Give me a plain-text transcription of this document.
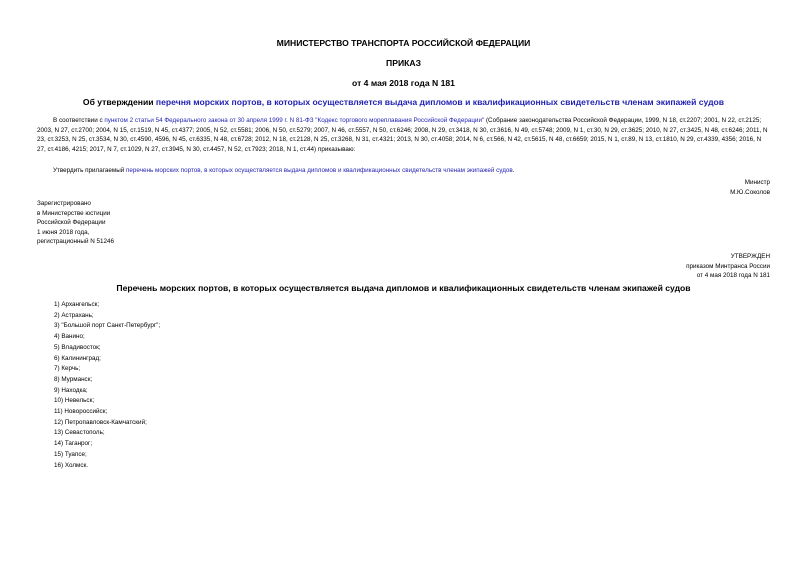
МИНИСТЕРСТВО ТРАНСПОРТА РОССИЙСКОЙ ФЕДЕРАЦИИ
ПРИКАЗ
от 4 мая 2018 года N 181
Об утверждении перечня морских портов, в которых осуществляется выдача дипломов и квалификационных свидетельств членам экипажей судов

В соответствии с пунктом 2 статьи 54 Федерального закона от 30 апреля 1999 г. N 81-ФЗ "Кодекс торгового мореплавания Российской Федерации" (Собрание законодательства Российской Федерации, 1999, N 18, ст.2207; 2001, N 22, ст.2125; 2003, N 27, ст.2700; 2004, N 15, ст.1519, N 45, ст.4377; 2005, N 52, ст.5581; 2006, N 50, ст.5279; 2007, N 46, ст.5557, N 50, ст.6246; 2008, N 29, ст.3418, N 30, ст.3616, N 49, ст.5748; 2009, N 1, ст.30, N 29, ст.3625; 2010, N 27, ст.3425, N 48, ст.6246; 2011, N 23, ст.3253, N 25, ст.3534, N 30, ст.4590, 4596, N 45, ст.6335, N 48, ст.6728; 2012, N 18, ст.2128, N 25, ст.3268, N 31, ст.4321; 2013, N 30, ст.4058; 2014, N 6, ст.566, N 42, ст.5615, N 48, ст.6659; 2015, N 1, ст.89, N 13, ст.1810, N 29, ст.4339, 4356; 2016, N 27, ст.4186, 4215; 2017, N 7, ст.1029, N 27, ст.3945, N 30, ст.4457, N 52, ст.7923; 2018, N 1, ст.44) приказываю:

Утвердить прилагаемый перечень морских портов, в которых осуществляется выдача дипломов и квалификационных свидетельств членам экипажей судов.
Министр
М.Ю.Соколов
Зарегистрировано
в Министерстве юстиции
Российской Федерации
1 июня 2018 года,
регистрационный N 51246
УТВЕРЖДЕН
приказом Минтранса России
от 4 мая 2018 года N 181
Перечень морских портов, в которых осуществляется выдача дипломов и квалификационных свидетельств членам экипажей судов
1) Архангельск;
2) Астрахань;
3) "Большой порт Санкт-Петербург";
4) Ванино;
5) Владивосток;
6) Калининград;
7) Керчь;
8) Мурманск;
9) Находка;
10) Невельск;
11) Новороссийск;
12) Петропавловск-Камчатский;
13) Севастополь;
14) Таганрог;
15) Туапсе;
16) Холмск.
